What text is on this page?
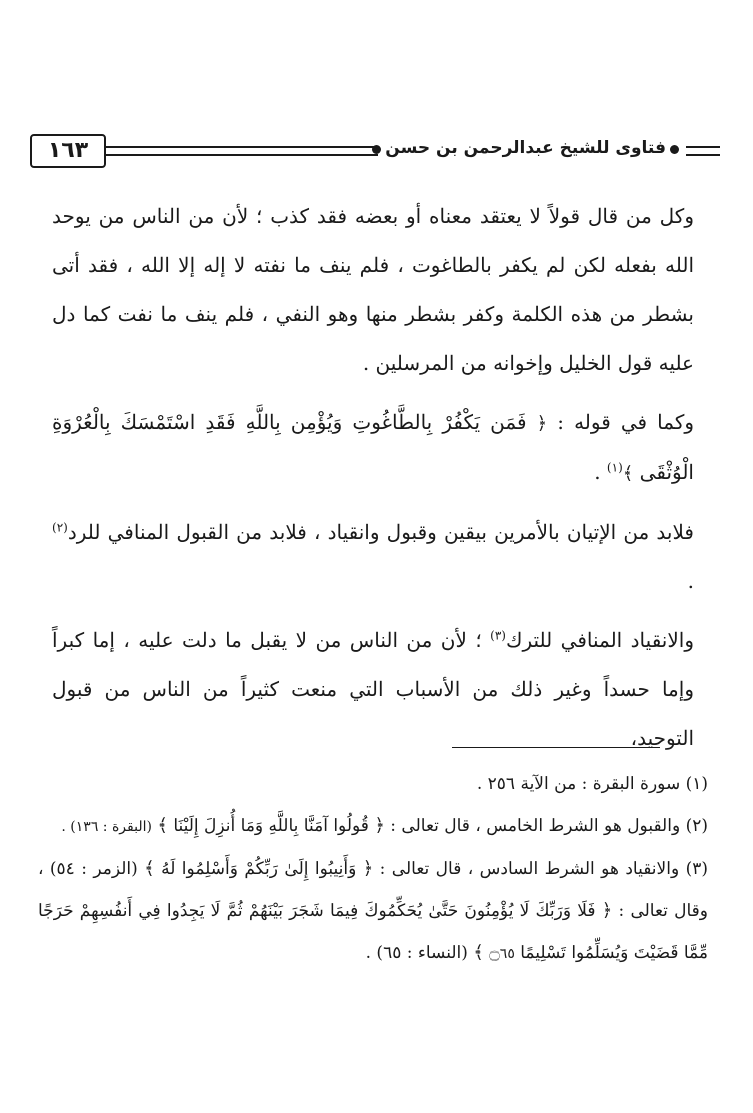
١٦٣	فتاوى للشيخ عبدالرحمن بن حسن

وكل من قال قولاً لا يعتقد معناه أو بعضه فقد كذب ؛ لأن من الناس من يوحد الله بفعله لكن لم يكفر بالطاغوت ، فلم ينف ما نفته لا إله إلا الله ، فقد أتى بشطر من هذه الكلمة وكفر بشطر منها وهو النفي ، فلم ينف ما نفت كما دل عليه قول الخليل وإخوانه من المرسلين .

وكما في قوله : ﴿ فَمَن يَكْفُرْ بِالطَّاغُوتِ وَيُؤْمِن بِاللَّهِ فَقَدِ اسْتَمْسَكَ بِالْعُرْوَةِ الْوُثْقَى ﴾$^{(١)}$ .

فلابد من الإتيان بالأمرين بيقين وقبول وانقياد ، فلابد من القبول المنافي للرد$^{(٢)}$ .

والانقياد المنافي للترك$^{(٣)}$ ؛ لأن من الناس من لا يقبل ما دلت عليه ، إما كبراً وإما حسداً وغير ذلك من الأسباب التي منعت كثيراً من الناس من قبول التوحيد،

(١) سورة البقرة : من الآية ٢٥٦ .

(٢) والقبول هو الشرط الخامس ، قال تعالى : ﴿ قُولُوا آمَنَّا بِاللَّهِ وَمَا أُنزِلَ إِلَيْنَا ﴾ (البقرة : ١٣٦) .

(٣) والانقياد هو الشرط السادس ، قال تعالى : ﴿ وَأَنِيبُوا إِلَىٰ رَبِّكُمْ وَأَسْلِمُوا لَهُ ﴾ (الزمر : ٥٤) ، وقال تعالى : ﴿ فَلَا وَرَبِّكَ لَا يُؤْمِنُونَ حَتَّىٰ يُحَكِّمُوكَ فِيمَا شَجَرَ بَيْنَهُمْ ثُمَّ لَا يَجِدُوا فِي أَنفُسِهِمْ حَرَجًا مِّمَّا قَضَيْتَ وَيُسَلِّمُوا تَسْلِيمًا ۝٦٥ ﴾ (النساء : ٦٥) .
